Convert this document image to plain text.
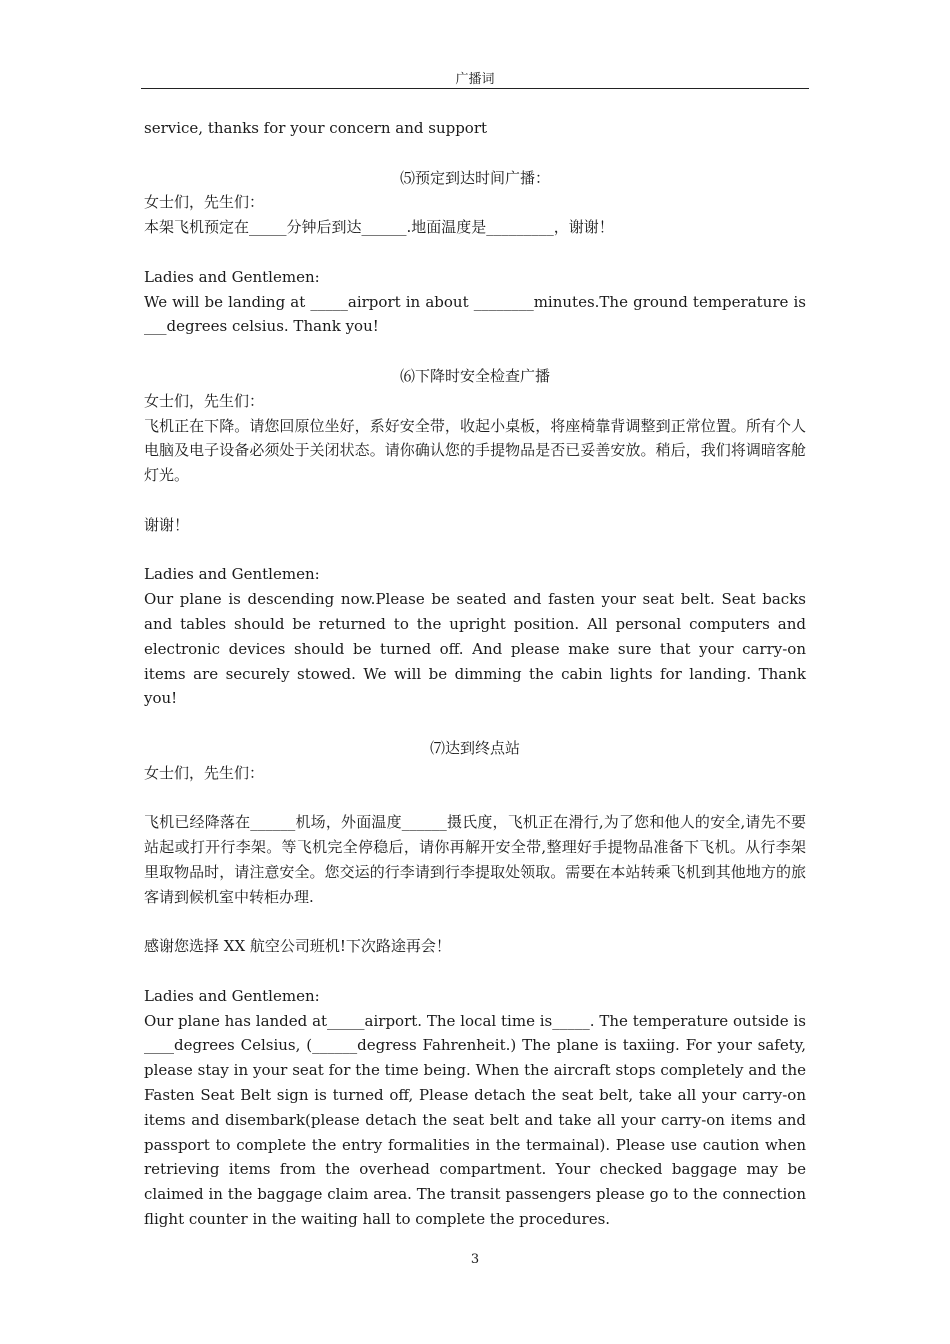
广播词

service, thanks for your concern and support

⑸预定到达时间广播：

女士们，先生们：

本架飞机预定在_____分钟后到达______.地面温度是_________，谢谢！

Ladies and Gentlemen:

We will be landing at _____airport in about ________minutes.The ground temperature is ___degrees celsius. Thank you!

⑹下降时安全检查广播

女士们，先生们：

飞机正在下降。请您回原位坐好，系好安全带，收起小桌板，将座椅靠背调整到正常位置。所有个人电脑及电子设备必须处于关闭状态。请你确认您的手提物品是否已妥善安放。稍后，我们将调暗客舱灯光。

谢谢！

Ladies and Gentlemen:

Our plane is descending now.Please be seated and fasten your seat belt. Seat backs and tables should be returned to the upright position. All personal computers and electronic devices should be turned off. And please make sure that your carry-on items are securely stowed. We will be dimming the cabin lights for landing. Thank you!

⑺达到终点站

女士们，先生们：

飞机已经降落在______机场，外面温度______摄氏度，飞机正在滑行,为了您和他人的安全,请先不要站起或打开行李架。等飞机完全停稳后，请你再解开安全带,整理好手提物品准备下飞机。从行李架里取物品时，请注意安全。您交运的行李请到行李提取处领取。需要在本站转乘飞机到其他地方的旅客请到候机室中转柜办理.

感谢您选择 XX 航空公司班机!下次路途再会！

Ladies and Gentlemen:

Our plane has landed at_____airport. The local time is_____. The temperature outside is ____degrees Celsius, (______degress Fahrenheit.) The plane is taxiing. For your safety, please stay in your seat for the time being. When the aircraft stops completely and the Fasten Seat Belt sign is turned off, Please detach the seat belt, take all your carry-on items and disembark(please detach the seat belt and take all your carry-on items and passport to complete the entry formalities in the termainal). Please use caution when retrieving items from the overhead compartment. Your checked baggage may be claimed in the baggage claim area. The transit passengers please go to the connection flight counter in the waiting hall to complete the procedures.

3
